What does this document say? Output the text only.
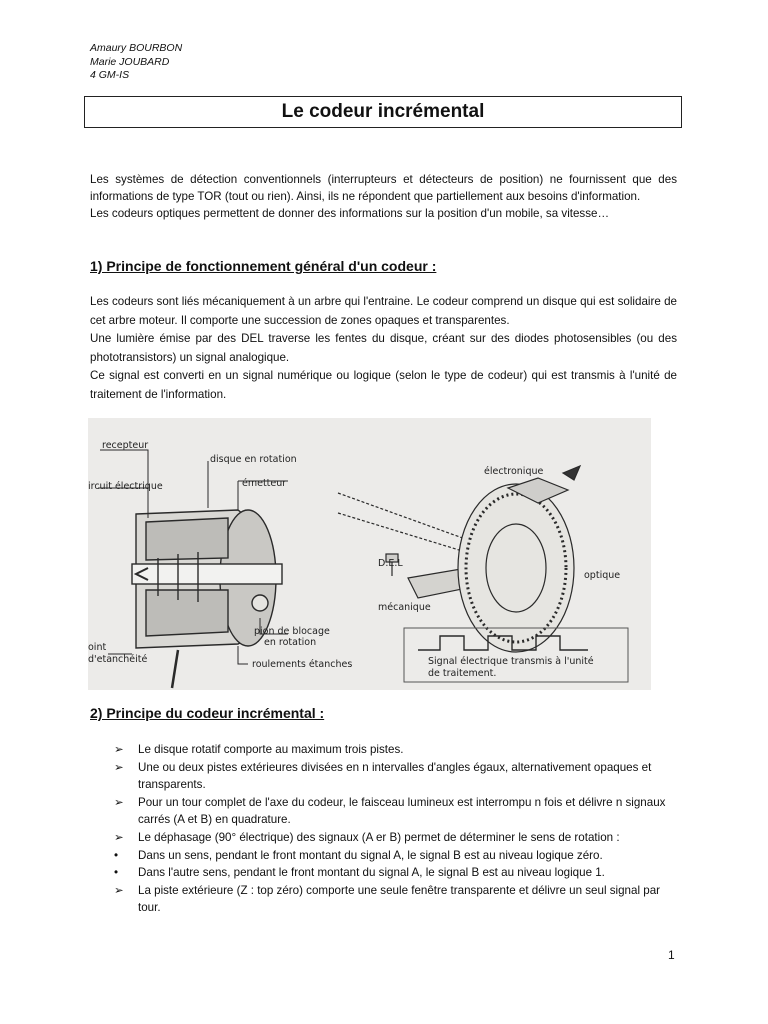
Amaury BOURBON
Marie JOUBARD
4 GM-IS
Le codeur incrémental

Les systèmes de détection conventionnels (interrupteurs et détecteurs de position) ne fournissent que des informations de type TOR (tout ou rien). Ainsi, ils ne répondent que partiellement aux besoins d'information.

Les codeurs optiques permettent de donner des informations sur la position d'un mobile, sa vitesse…

1) Principe de fonctionnement général d'un codeur :

Les codeurs sont liés mécaniquement à un arbre qui l'entraine. Le codeur comprend un disque qui est solidaire de cet arbre moteur. Il comporte une succession de zones opaques et transparentes.

Une lumière émise par des DEL traverse les fentes du disque, créant sur des diodes photosensibles (ou des phototransistors) un signal analogique.

Ce signal est converti en un signal numérique ou logique (selon le type de codeur) qui est transmis à l'unité de traitement de l'information.

recepteur
disque en rotation
ircuit électrique	émetteur
électronique
D.E.L
mécanique
optique
oint
d'etanchéité
pion de blocage
en rotation
roulements étanches	Signal électrique transmis à l'unité
de traitement.
2) Principe du codeur incrémental :
➢	Le disque rotatif comporte au maximum trois pistes.
➢	Une ou deux pistes extérieures divisées en n intervalles d'angles égaux, alternativement opaques et transparents.
➢	Pour un tour complet de l'axe du codeur, le faisceau lumineux est interrompu n fois et délivre n signaux carrés (A et B) en quadrature.
➢	Le déphasage (90° électrique) des signaux (A er B) permet de déterminer le sens de rotation :
•	Dans un sens, pendant le front montant du signal A, le signal B est au niveau logique zéro.
•	Dans l'autre sens, pendant le front montant du signal A, le signal B est au niveau logique 1.
➢	La piste extérieure (Z : top zéro) comporte une seule fenêtre transparente et délivre un seul signal par tour.
1
